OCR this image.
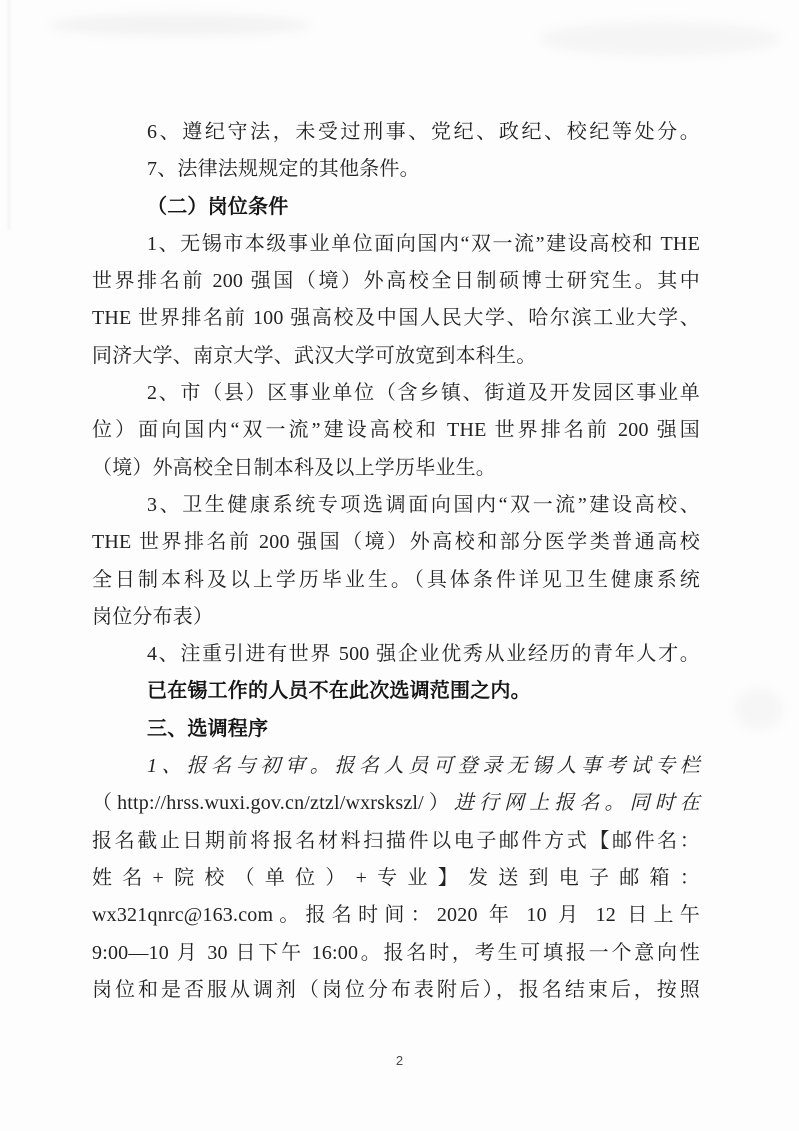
6、遵纪守法，未受过刑事、党纪、政纪、校纪等处分。
7、法律法规规定的其他条件。
（二）岗位条件
1、无锡市本级事业单位面向国内“双一流”建设高校和 THE
世界排名前 200 强国（境）外高校全日制硕博士研究生。其中
THE 世界排名前 100 强高校及中国人民大学、哈尔滨工业大学、
同济大学、南京大学、武汉大学可放宽到本科生。
2、市（县）区事业单位（含乡镇、街道及开发园区事业单
位）面向国内“双一流”建设高校和 THE 世界排名前 200 强国
（境）外高校全日制本科及以上学历毕业生。
3、卫生健康系统专项选调面向国内“双一流”建设高校、
THE 世界排名前 200 强国（境）外高校和部分医学类普通高校
全日制本科及以上学历毕业生。（具体条件详见卫生健康系统
岗位分布表）
4、注重引进有世界 500 强企业优秀从业经历的青年人才。
已在锡工作的人员不在此次选调范围之内。
三、选调程序
1、报名与初审。报名人员可登录无锡人事考试专栏
（http://hrss.wuxi.gov.cn/ztzl/wxrskszl/）进行网上报名。同时在
报名截止日期前将报名材料扫描件以电子邮件方式【邮件名：
姓名+院校（单位）+专业】发送到电子邮箱：
wx321qnrc@163.com。报名时间：2020 年 10 月 12 日上午
9:00—10 月 30 日下午 16:00。报名时，考生可填报一个意向性
岗位和是否服从调剂（岗位分布表附后），报名结束后，按照
2
